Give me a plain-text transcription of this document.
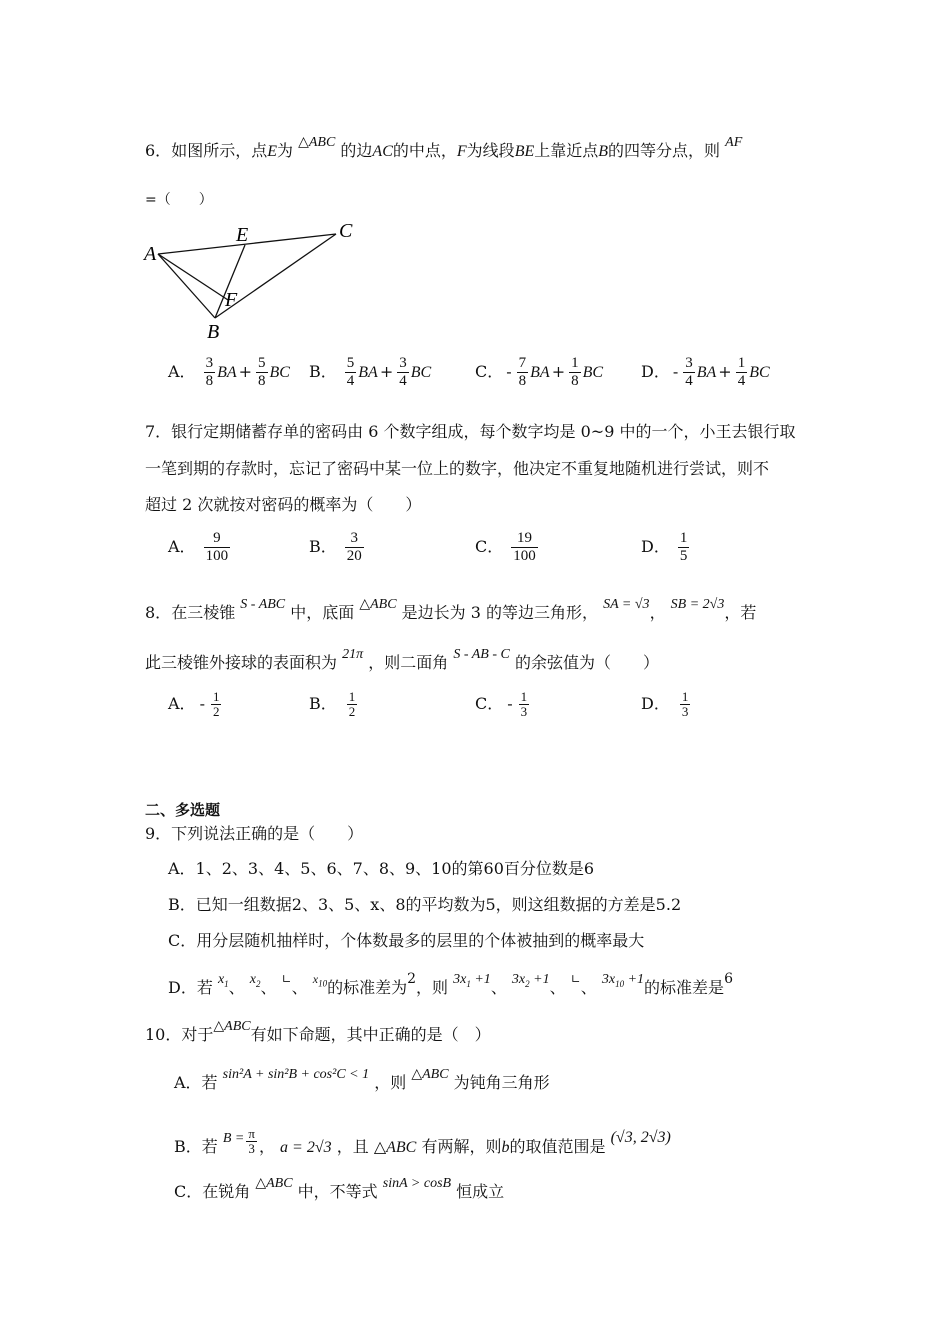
6．如图所示，点E为 △ABC 的边AC的中点，F为线段BE上靠近点B的四等分点，则 AF
=（　　）
A
E	C
F
B
A． $\frac{3}{8}$ BA + $\frac{5}{8}$ BC B． $\frac{5}{4}$ BA + $\frac{3}{4}$ BC	C． - $\frac{7}{8}$ BA + $\frac{1}{8}$ BC D． - $\frac{3}{4}$ BA + $\frac{1}{4}$ BC
7．银行定期储蓄存单的密码由 6 个数字组成，每个数字均是 0~9 中的一个，小王去银行取
一笔到期的存款时，忘记了密码中某一位上的数字，他决定不重复地随机进行尝试，则不
超过 2 次就按对密码的概率为（　　）
A． $\frac{9}{100}$	B． $\frac{3}{20}$	C． $\frac{19}{100}$	D． $\frac{1}{5}$
8．在三棱锥 S - ABC 中，底面 △ABC 是边长为 3 的等边三角形， SA = √3， SB = 2√3，若
此三棱锥外接球的表面积为 21π ，则二面角 S - AB - C 的余弦值为（　　）
A． - $\frac{1}{2}$	B． $\frac{1}{2}$	C． - $\frac{1}{3}$	D． $\frac{1}{3}$
二、多选题
9．下列说法正确的是（　　）
A．1、2、3、4、5、6、7、8、9、10的第60百分位数是6
B．已知一组数据2、3、5、x、8的平均数为5，则这组数据的方差是5.2
C．用分层随机抽样时，个体数最多的层里的个体被抽到的概率最大
D．若 $x_1$、 $x_2$、 ∟、 $^{x_{10}}$的标准差为2，则 $3x_1 +1$、 $3x_2 +1$、 ∟、 $3x_{10} +1$的标准差是6
10．对于△ABC有如下命题，其中正确的是（　）
A．若 sin²A + sin²B + cos²C < 1 ，则 △ABC 为钝角三角形
B．若 $B = \frac{\pi}{3}$ ， a = 2√3 ，且 △ABC 有两解，则b的取值范围是 (√3, 2√3)
C．在锐角 △ABC 中，不等式 sinA > cosB 恒成立
